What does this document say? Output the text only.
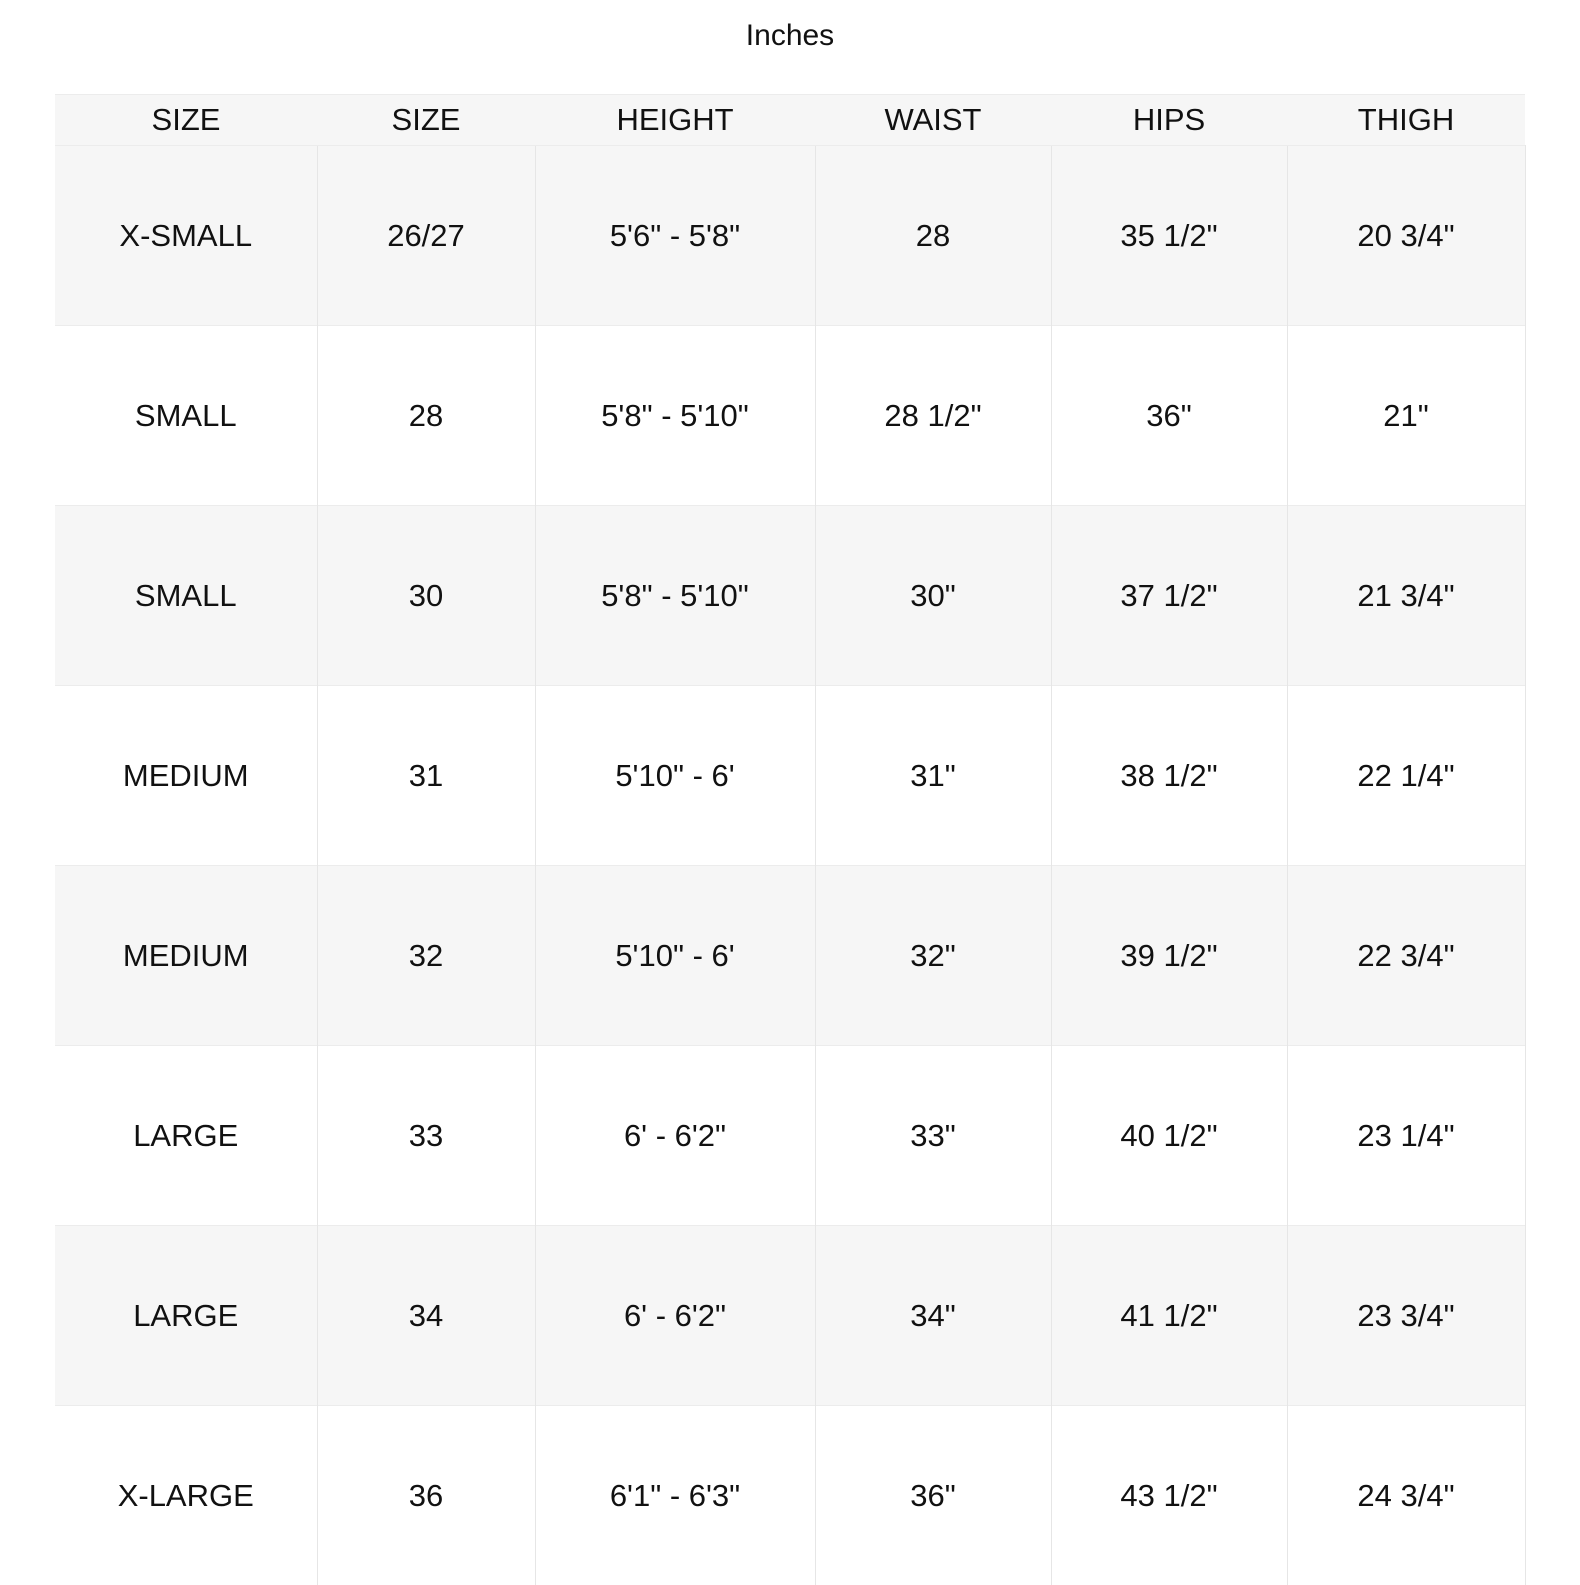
Inches
SIZE	SIZE	HEIGHT	WAIST	HIPS	THIGH
X-SMALL	26/27	5'6" - 5'8"	28	35 1/2"	20 3/4"
SMALL	28	5'8" - 5'10"	28 1/2"	36"	21"
SMALL	30	5'8" - 5'10"	30"	37 1/2"	21 3/4"
MEDIUM	31	5'10" - 6'	31"	38 1/2"	22 1/4"
MEDIUM	32	5'10" - 6'	32"	39 1/2"	22 3/4"
LARGE	33	6' - 6'2"	33"	40 1/2"	23 1/4"
LARGE	34	6' - 6'2"	34"	41 1/2"	23 3/4"
X-LARGE	36	6'1" - 6'3"	36"	43 1/2"	24 3/4"
